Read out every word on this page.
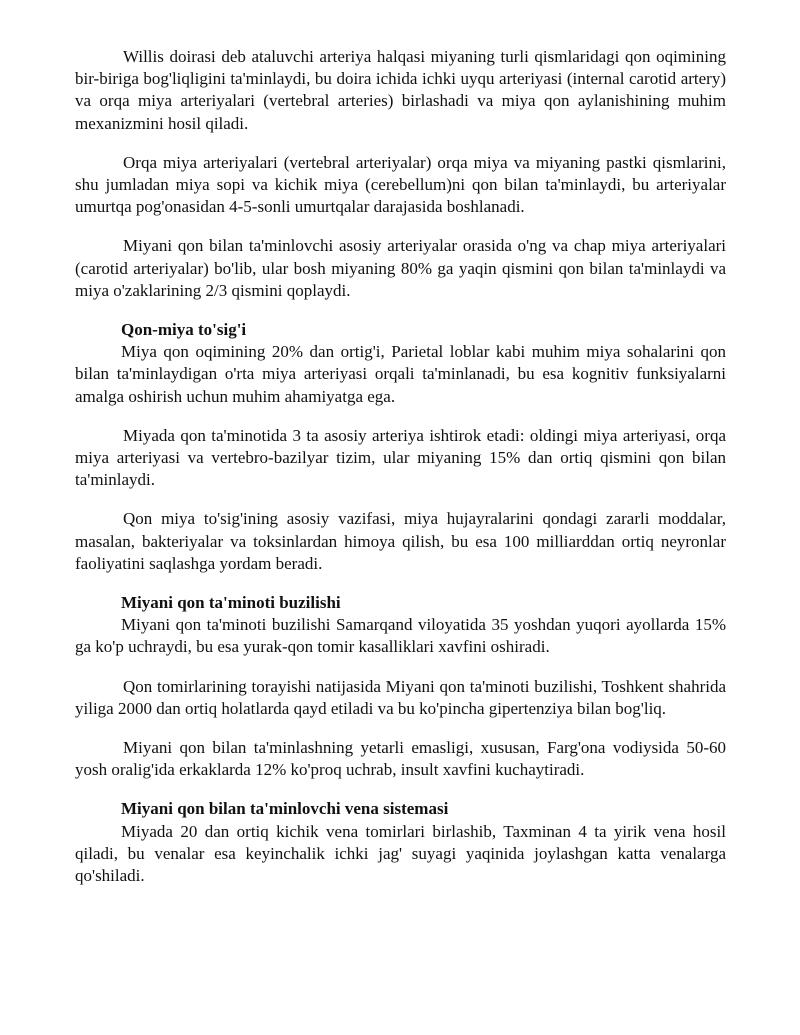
Willis doirasi deb ataluvchi arteriya halqasi miyaning turli qismlaridagi qon oqimining bir-biriga bog'liqligini ta'minlaydi, bu doira ichida ichki uyqu arteriyasi (internal carotid artery) va orqa miya arteriyalari (vertebral arteries) birlashadi va miya qon aylanishining muhim mexanizmini hosil qiladi.

Orqa miya arteriyalari (vertebral arteriyalar) orqa miya va miyaning pastki qismlarini, shu jumladan miya sopi va kichik miya (cerebellum)ni qon bilan ta'minlaydi, bu arteriyalar umurtqa pog'onasidan 4-5-sonli umurtqalar darajasida boshlanadi.

Miyani qon bilan ta'minlovchi asosiy arteriyalar orasida o'ng va chap miya arteriyalari (carotid arteriyalar) bo'lib, ular bosh miyaning 80% ga yaqin qismini qon bilan ta'minlaydi va miya o'zaklarining 2/3 qismini qoplaydi.

Qon-miya to'sig'i

Miya qon oqimining 20% dan ortig'i, Parietal loblar kabi muhim miya sohalarini qon bilan ta'minlaydigan o'rta miya arteriyasi orqali ta'minlanadi, bu esa kognitiv funksiyalarni amalga oshirish uchun muhim ahamiyatga ega.

Miyada qon ta'minotida 3 ta asosiy arteriya ishtirok etadi: oldingi miya arteriyasi, orqa miya arteriyasi va vertebro-bazilyar tizim, ular miyaning 15% dan ortiq qismini qon bilan ta'minlaydi.

Qon miya to'sig'ining asosiy vazifasi, miya hujayralarini qondagi zararli moddalar, masalan, bakteriyalar va toksinlardan himoya qilish, bu esa 100 milliarddan ortiq neyronlar faoliyatini saqlashga yordam beradi.

Miyani qon ta'minoti buzilishi

Miyani qon ta'minoti buzilishi Samarqand viloyatida 35 yoshdan yuqori ayollarda 15% ga ko'p uchraydi, bu esa yurak-qon tomir kasalliklari xavfini oshiradi.

Qon tomirlarining torayishi natijasida Miyani qon ta'minoti buzilishi, Toshkent shahrida yiliga 2000 dan ortiq holatlarda qayd etiladi va bu ko'pincha gipertenziya bilan bog'liq.

Miyani qon bilan ta'minlashning yetarli emasligi, xususan, Farg'ona vodiysida 50-60 yosh oralig'ida erkaklarda 12% ko'proq uchrab, insult xavfini kuchaytiradi.

Miyani qon bilan ta'minlovchi vena sistemasi

Miyada 20 dan ortiq kichik vena tomirlari birlashib, Taxminan 4 ta yirik vena hosil qiladi, bu venalar esa keyinchalik ichki jag' suyagi yaqinida joylashgan katta venalarga qo'shiladi.
